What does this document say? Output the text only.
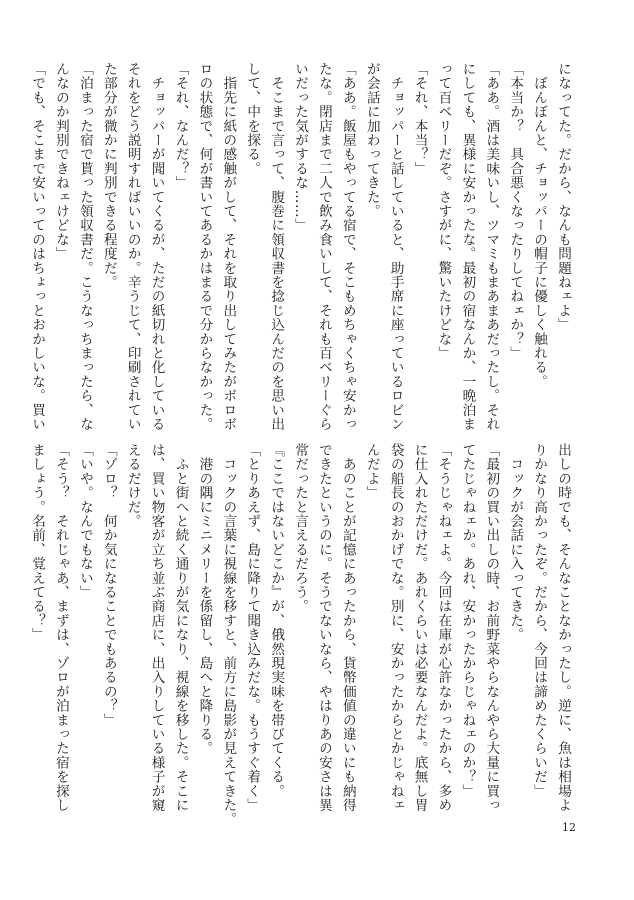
になってた。だから、なんも問題ねェよ」
　ぼんぼんと、チョッパーの帽子に優しく触れる。
「本当か？　具合悪くなったりしてねェか？」
「ああ。酒は美味いし、ツマミもまあまあだったし。それ
にしても、異様に安かったな。最初の宿なんか、一晩泊ま
って百ベリーだぞ。さすがに、驚いたけどな」
「それ、本当？」
　チョッパーと話していると、助手席に座っているロビン
が会話に加わってきた。
「ああ。飯屋もやってる宿で、そこもめちゃくちゃ安かっ
たな。閉店まで二人で飲み食いして、それも百ベリーぐら
いだった気がするな……」
　そこまで言って、腹巻に領収書を捻じ込んだのを思い出
して、中を探る。
　指先に紙の感触がして、それを取り出してみたがボロボ
ロの状態で、何が書いてあるかはまるで分からなかった。
「それ、なんだ？」
　チョッパーが聞いてくるが、ただの紙切れと化している
それをどう説明すればいいのか。辛うじて、印刷されてい
た部分が微かに判別できる程度だ。
「泊まった宿で貰った領収書だ。こうなっちまったら、な
んなのか判別できねェけどな」
「でも、そこまで安いってのはちょっとおかしいな。買い
出しの時でも、そんなことなかったし。逆に、魚は相場よ
りかなり高かったぞ。だから、今回は諦めたくらいだ」
　コックが会話に入ってきた。
「最初の買い出しの時、お前野菜やらなんやら大量に買っ
てたじゃねェか。あれ、安かったからじゃねェのか？」
「そうじゃねェよ。今回は在庫が心許なかったから、多め
に仕入れただけだ。あれくらいは必要なんだよ。底無し胃
袋の船長のおかげでな。別に、安かったからとかじゃねェ
んだよ」
　あのことが記憶にあったから、貨幣価値の違いにも納得
できたというのに。そうでないなら、やはりあの安さは異
常だったと言えるだろう。
『ここではないどこか』が、俄然現実味を帯びてくる。
「とりあえず、島に降りて聞き込みだな。もうすぐ着く」
　コックの言葉に視線を移すと、前方に島影が見えてきた。
　港の隅にミニメリーを係留し、島へと降りる。
　ふと街へと続く通りが気になり、視線を移した。そこに
は、買い物客が立ち並ぶ商店に、出入りしている様子が窺
えるだけだ。
「ゾロ？　何か気になることでもあるの？」
「いや。なんでもない」
「そう？　それじゃあ、まずは、ゾロが泊まった宿を探し
ましょう。名前、覚えてる？」
12
